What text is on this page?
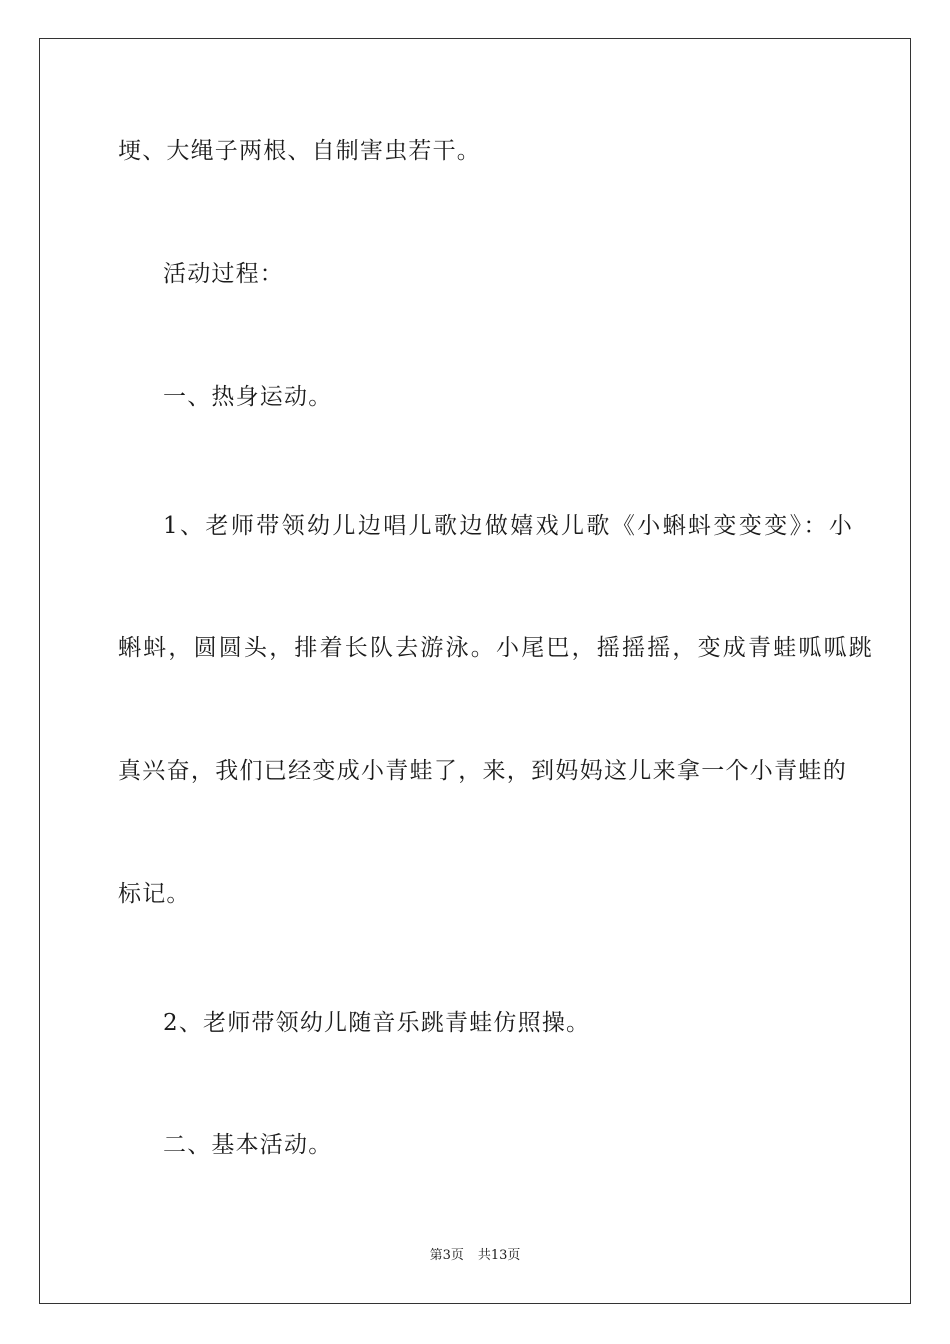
埂、大绳子两根、自制害虫若干。
活动过程：
一、热身运动。
1、老师带领幼儿边唱儿歌边做嬉戏儿歌《小蝌蚪变变变》：小
蝌蚪，圆圆头，排着长队去游泳。小尾巴，摇摇摇，变成青蛙呱呱跳
真兴奋，我们已经变成小青蛙了，来，到妈妈这儿来拿一个小青蛙的
标记。
2、老师带领幼儿随音乐跳青蛙仿照操。
二、基本活动。
第3页 共13页
